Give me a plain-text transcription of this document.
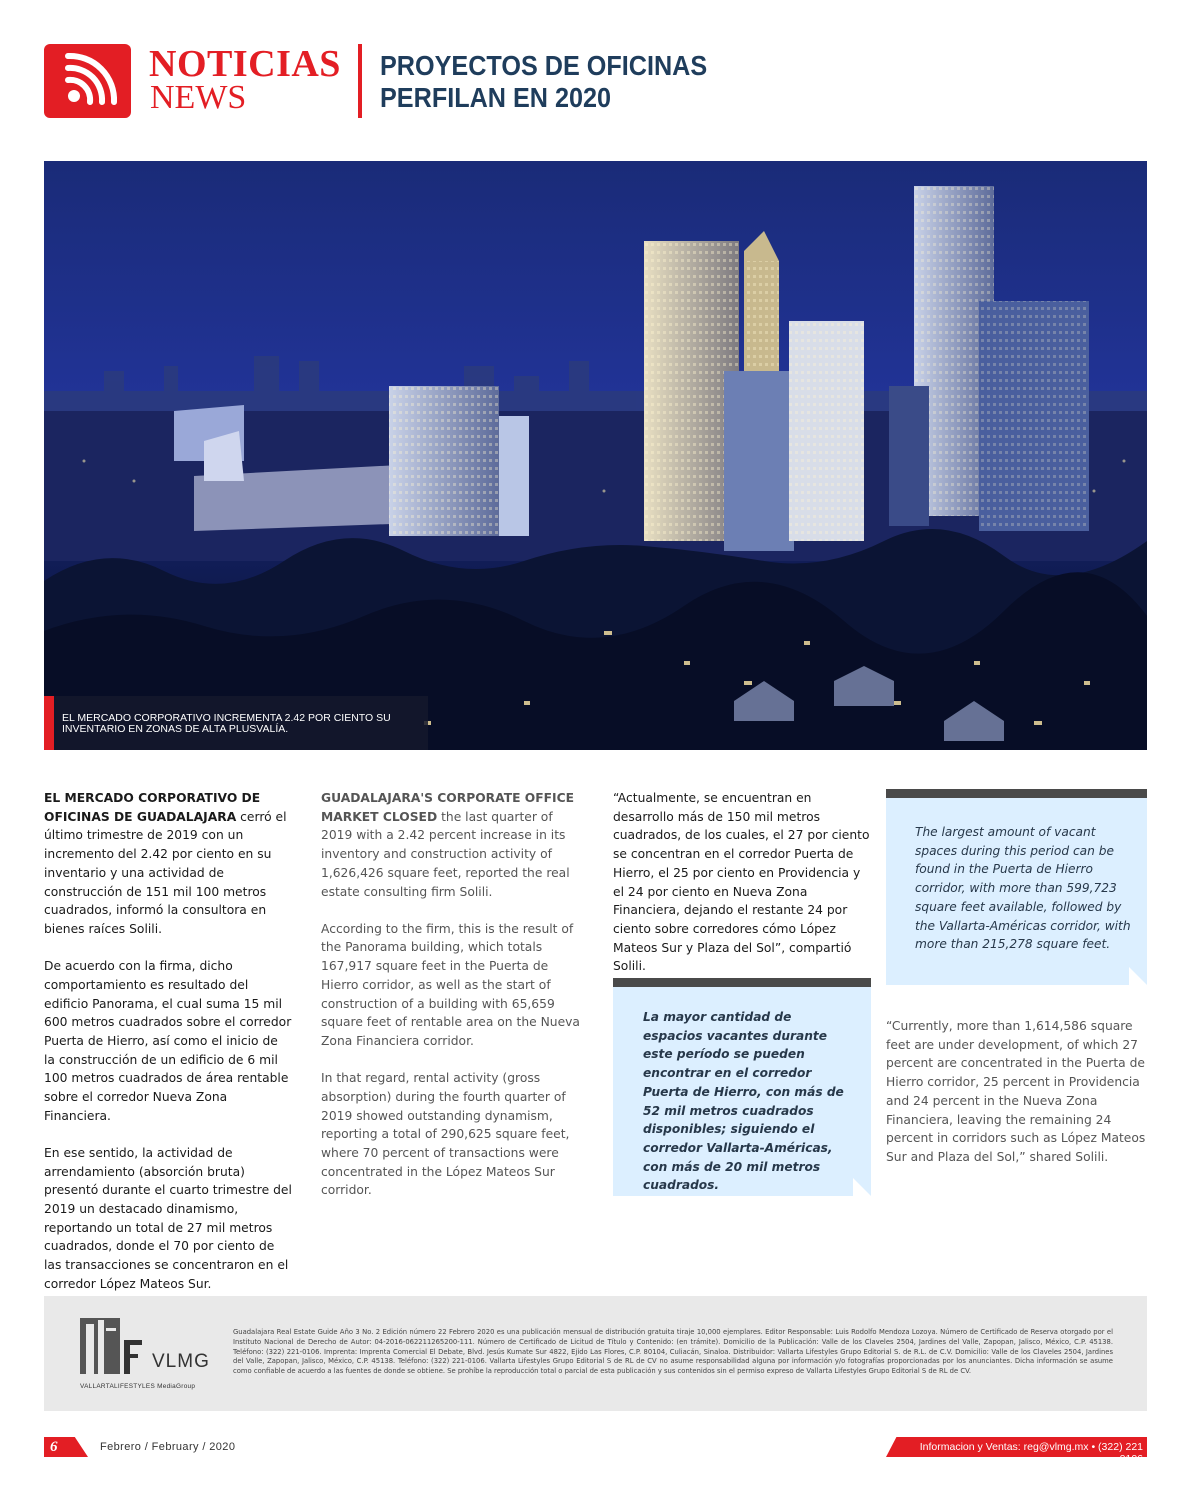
NOTICIAS
NEWS
PROYECTOS DE OFICINAS PERFILAN EN 2020
EL MERCADO CORPORATIVO INCREMENTA 2.42 POR CIENTO SU INVENTARIO EN ZONAS DE ALTA PLUSVALÍA.

EL MERCADO CORPORATIVO DE OFICINAS DE GUADALAJARA cerró el último trimestre de 2019 con un incremento del 2.42 por ciento en su inventario y una actividad de construcción de 151 mil 100 metros cuadrados, informó la consultora en bienes raíces Solili.

De acuerdo con la firma, dicho comportamiento es resultado del edificio Panorama, el cual suma 15 mil 600 metros cuadrados sobre el corredor Puerta de Hierro, así como el inicio de la construcción de un edificio de 6 mil 100 metros cuadrados de área rentable sobre el corredor Nueva Zona Financiera.

En ese sentido, la actividad de arrendamiento (absorción bruta) presentó durante el cuarto trimestre del 2019 un destacado dinamismo, reportando un total de 27 mil metros cuadrados, donde el 70 por ciento de las transacciones se concentraron en el corredor López Mateos Sur.

GUADALAJARA'S CORPORATE OFFICE MARKET CLOSED the last quarter of 2019 with a 2.42 percent increase in its inventory and construction activity of 1,626,426 square feet, reported the real estate consulting firm Solili.

According to the firm, this is the result of the Panorama building, which totals 167,917 square feet in the Puerta de Hierro corridor, as well as the start of construction of a building with 65,659 square feet of rentable area on the Nueva Zona Financiera corridor.

In that regard, rental activity (gross absorption) during the fourth quarter of 2019 showed outstanding dynamism, reporting a total of 290,625 square feet, where 70 percent of transactions were concentrated in the López Mateos Sur corridor.

“Actualmente, se encuentran en desarrollo más de 150 mil metros cuadrados, de los cuales, el 27 por ciento se concentran en el corredor Puerta de Hierro, el 25 por ciento en Providencia y el 24 por ciento en Nueva Zona Financiera, dejando el restante 24 por ciento sobre corredores cómo López Mateos Sur y Plaza del Sol”, compartió Solili.

La mayor cantidad de espacios vacantes durante este período se pueden encontrar en el corredor Puerta de Hierro, con más de 52 mil metros cuadrados disponibles; siguiendo el corredor Vallarta-Américas, con más de 20 mil metros cuadrados.
The largest amount of vacant spaces during this period can be found in the Puerta de Hierro corridor, with more than 599,723 square feet available, followed by the Vallarta-Américas corridor, with more than 215,278 square feet.

“Currently, more than 1,614,586 square feet are under development, of which 27 percent are concentrated in the Puerta de Hierro corridor, 25 percent in Providencia and 24 percent in the Nueva Zona Financiera, leaving the remaining 24 percent in corridors such as López Mateos Sur and Plaza del Sol,” shared Solili.

VLMG
VALLARTALIFESTYLES MediaGroup
Guadalajara Real Estate Guide Año 3 No. 2 Edición número 22 Febrero 2020 es una publicación mensual de distribución gratuita tiraje 10,000 ejemplares. Editor Responsable: Luis Rodolfo Mendoza Lozoya. Número de Certificado de Reserva otorgado por el Instituto Nacional de Derecho de Autor: 04-2016-062211265200-111. Número de Certificado de Licitud de Título y Contenido: (en trámite). Domicilio de la Publicación: Valle de los Claveles 2504, Jardines del Valle, Zapopan, Jalisco, México, C.P. 45138. Teléfono: (322) 221-0106. Imprenta: Imprenta Comercial El Debate, Blvd. Jesús Kumate Sur 4822, Ejido Las Flores, C.P. 80104, Culiacán, Sinaloa. Distribuidor: Vallarta Lifestyles Grupo Editorial S. de R.L. de C.V. Domicilio: Valle de los Claveles 2504, Jardines del Valle, Zapopan, Jalisco, México, C.P. 45138. Teléfono: (322) 221-0106. Vallarta Lifestyles Grupo Editorial S de RL de CV no asume responsabilidad alguna por información y/o fotografías proporcionadas por los anunciantes. Dicha información se asume como confiable de acuerdo a las fuentes de donde se obtiene. Se prohíbe la reproducción total o parcial de esta publicación y sus contenidos sin el permiso expreso de Vallarta Lifestyles Grupo Editorial S de RL de CV.
6	Febrero / February / 2020	Informacion y Ventas: reg@vlmg.mx • (322) 221 0106
